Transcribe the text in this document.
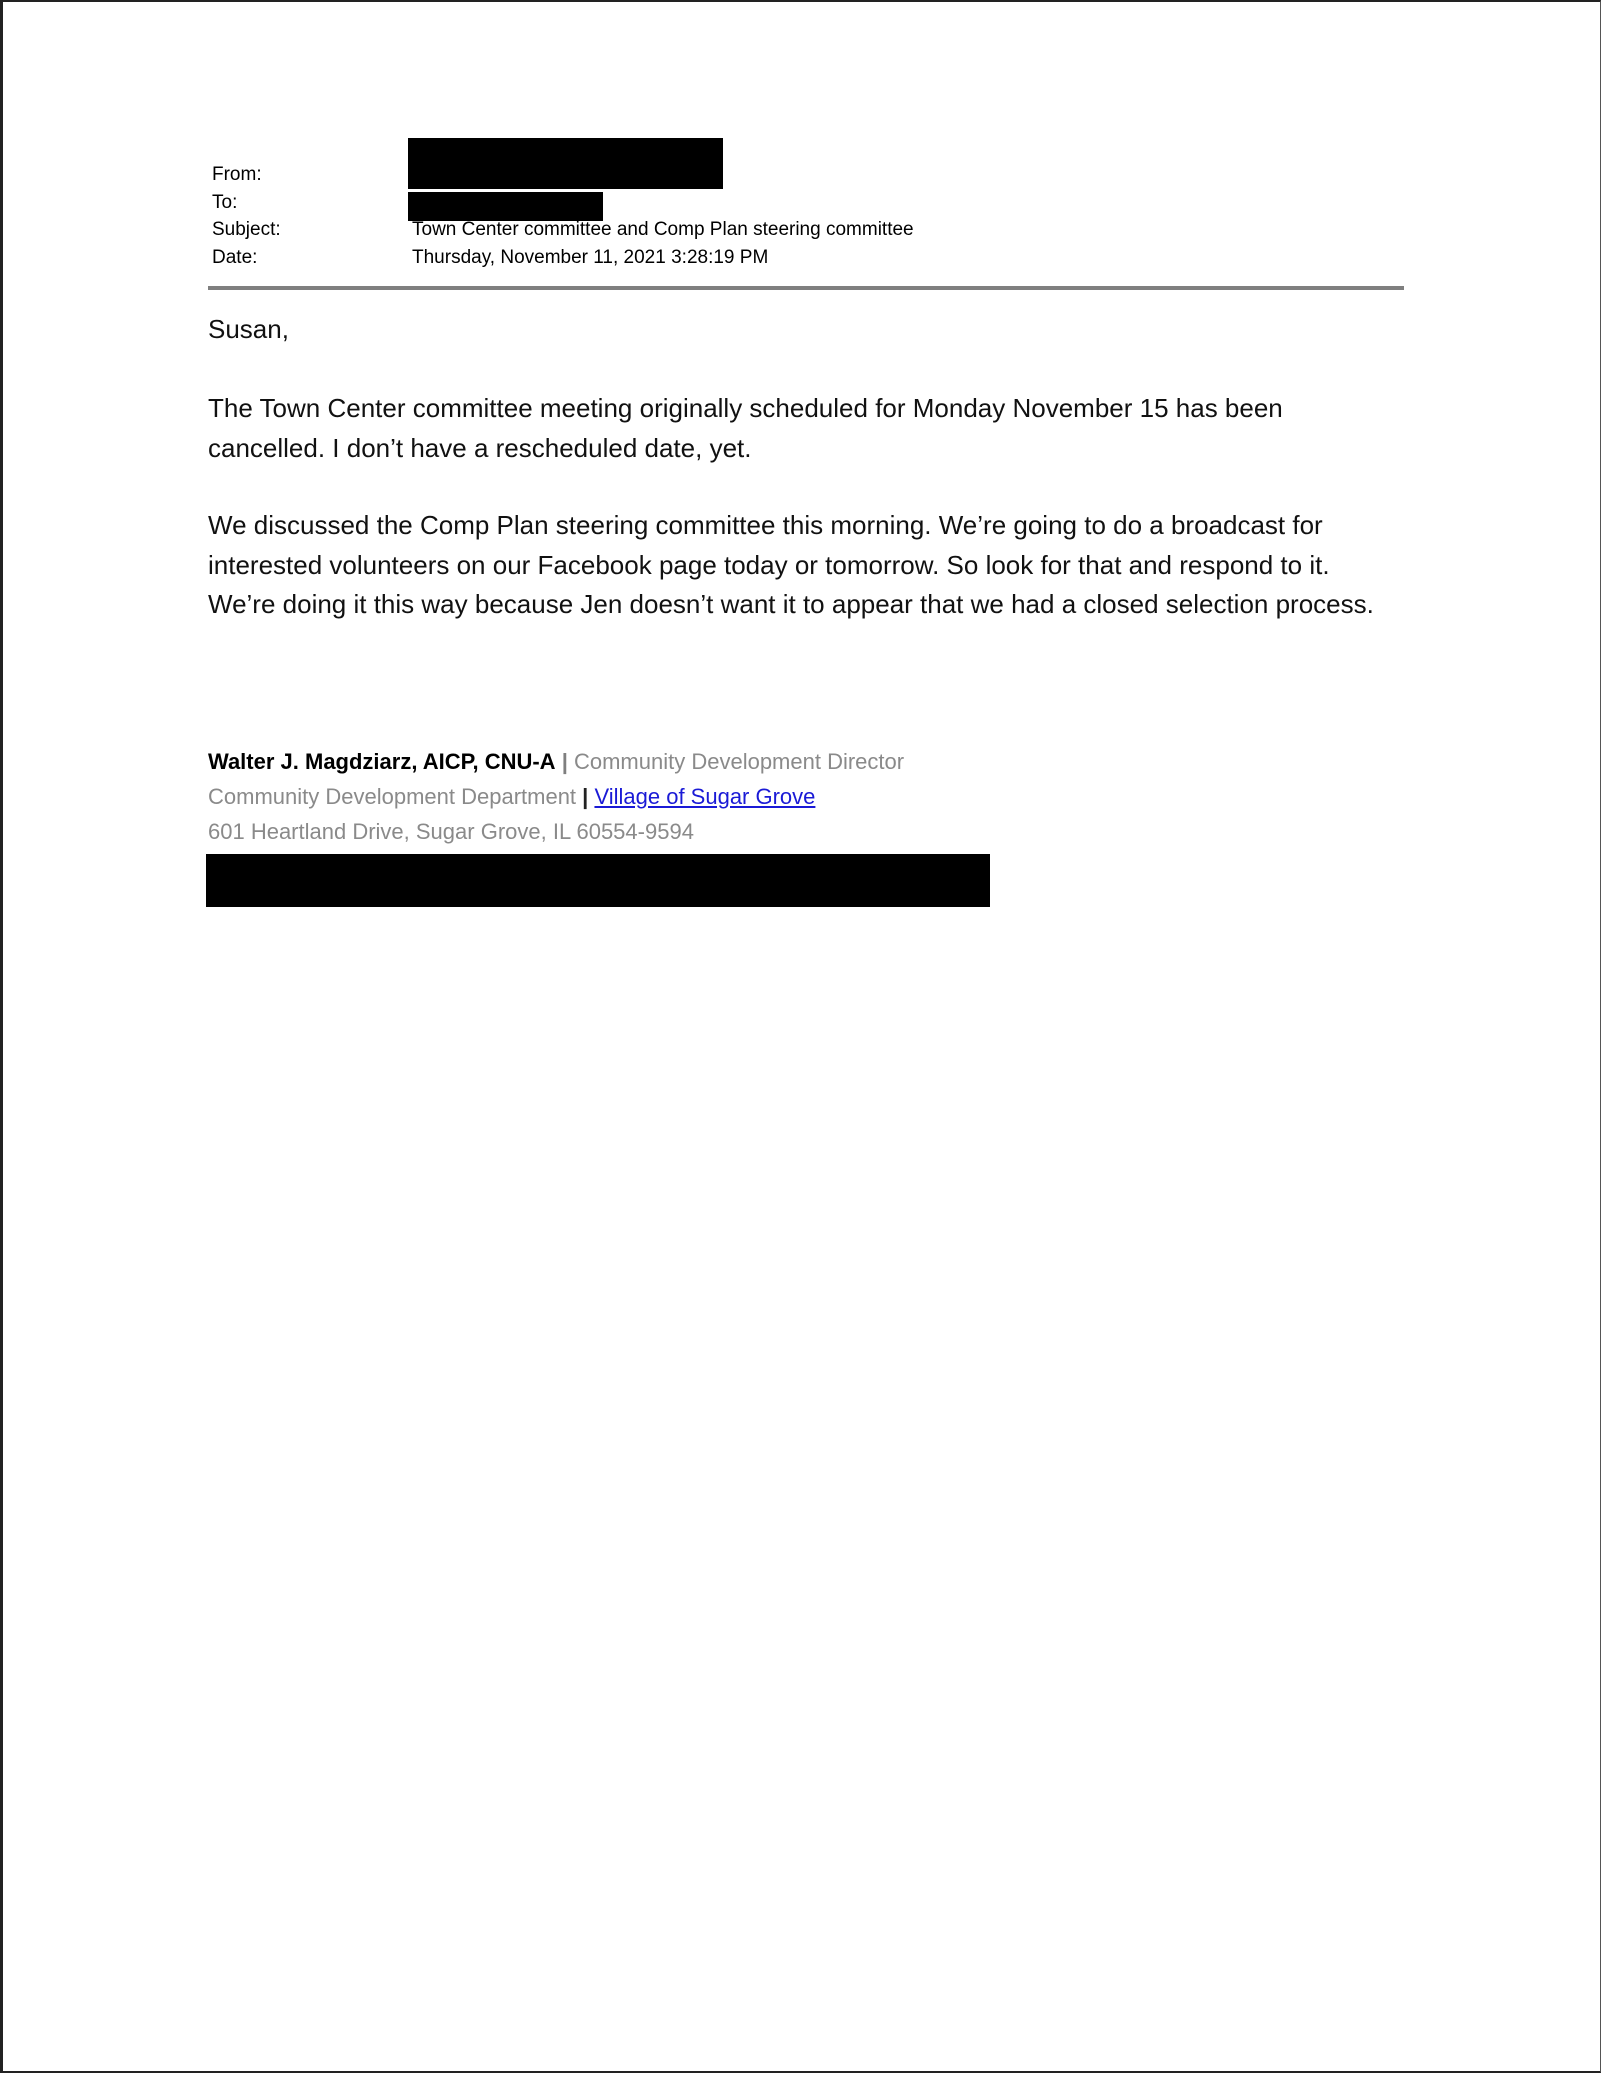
From:
To:
Subject:	Town Center committee and Comp Plan steering committee
Date:	Thursday, November 11, 2021 3:28:19 PM

Susan,

The Town Center committee meeting originally scheduled for Monday November 15 has been cancelled. I don’t have a rescheduled date, yet.

We discussed the Comp Plan steering committee this morning. We’re going to do a broadcast for interested volunteers on our Facebook page today or tomorrow. So look for that and respond to it. We’re doing it this way because Jen doesn’t want it to appear that we had a closed selection process.

Walter J. Magdziarz, AICP, CNU-A | Community Development Director
Community Development Department | Village of Sugar Grove
601 Heartland Drive, Sugar Grove, IL 60554-9594
